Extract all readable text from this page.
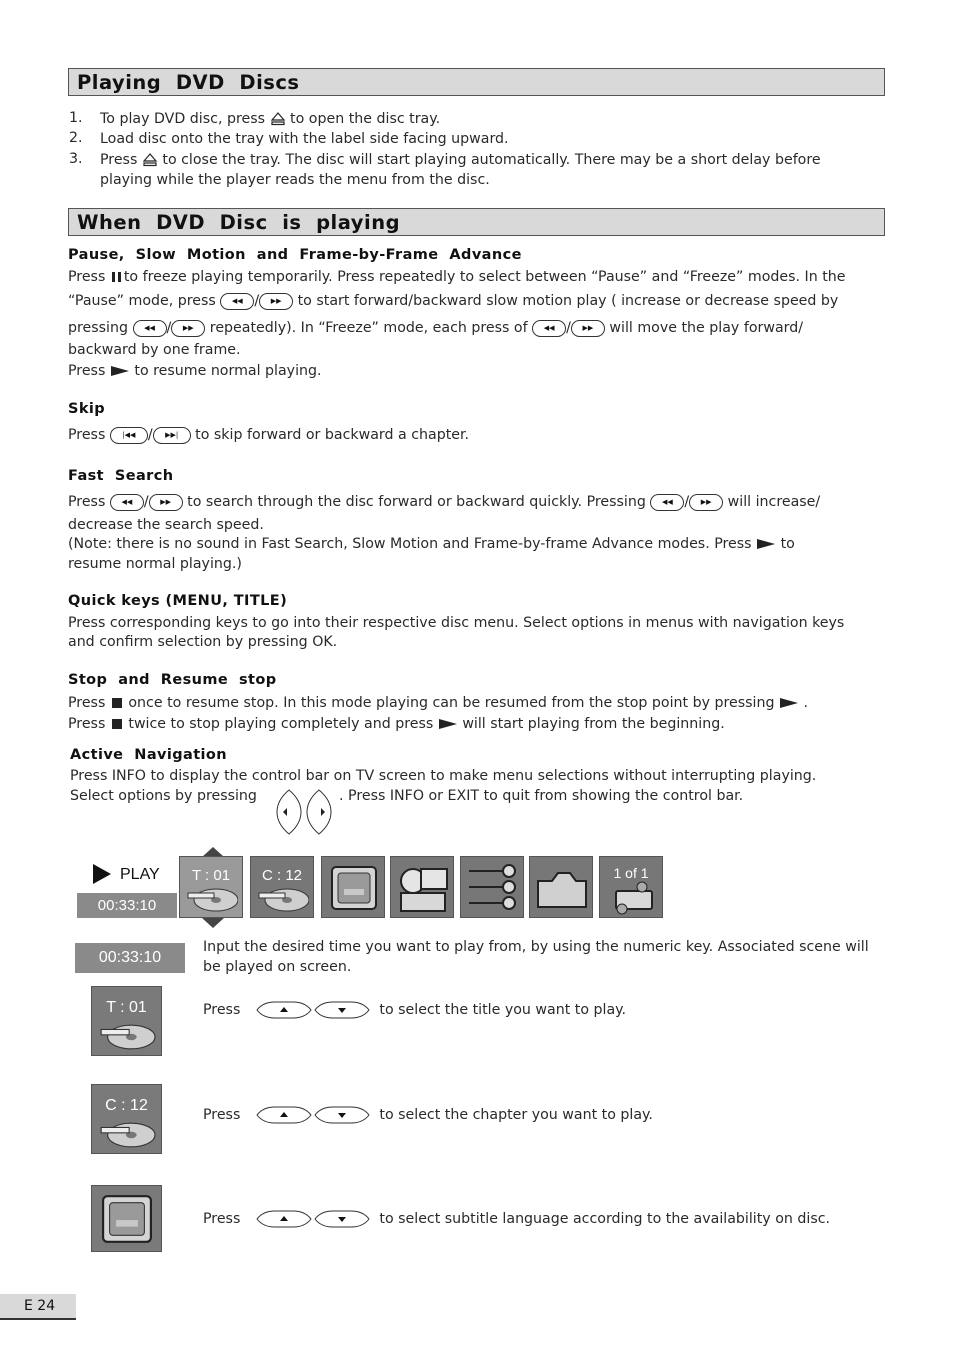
Playing  DVD  Discs
1. To play DVD disc, press to open the disc tray.
2. Load disc onto the tray with the label side facing upward.
3. Press to close the tray. The disc will start playing automatically. There may be a short delay before
playing while the player reads the menu from the disc.
When  DVD  Disc  is  playing
Pause,  Slow  Motion  and  Frame-by-Frame  Advance
Press to freeze playing temporarily. Press repeatedly to select between “Pause” and “Freeze” modes. In the
“Pause” mode, press ◀◀ / ▶▶ to start forward/backward slow motion play ( increase or decrease speed by
pressing ◀◀ / ▶▶ repeatedly). In “Freeze” mode, each press of ◀◀ / ▶▶ will move the play forward/
backward by one frame.
Press to resume normal playing.
Skip
Press |◀◀ / ▶▶| to skip forward or backward a chapter.
Fast  Search
Press ◀◀ / ▶▶ to search through the disc forward or backward quickly. Pressing ◀◀ / ▶▶ will increase/
decrease the search speed.
(Note: there is no sound in Fast Search, Slow Motion and Frame-by-frame Advance modes. Press to
resume normal playing.)
Quick keys (MENU, TITLE)
Press corresponding keys to go into their respective disc menu. Select options in menus with navigation keys
and confirm selection by pressing OK.
Stop  and  Resume  stop
Press once to resume stop. In this mode playing can be resumed from the stop point by pressing .
Press twice to stop playing completely and press will start playing from the beginning.
Active  Navigation
Press INFO to display the control bar on TV screen to make menu selections without interrupting playing.
Select options by pressing	. Press INFO or EXIT to quit from showing the control bar.
PLAY
00:33:10
T : 01	C : 12	1 of 1
00:33:10
Input the desired time you want to play from, by using the numeric key. Associated scene will
be played on screen.
T : 01	Press	to select the title you want to play.
C : 12
Press	to select the chapter you want to play.
Press	to select subtitle language according to the availability on disc.
E 24
